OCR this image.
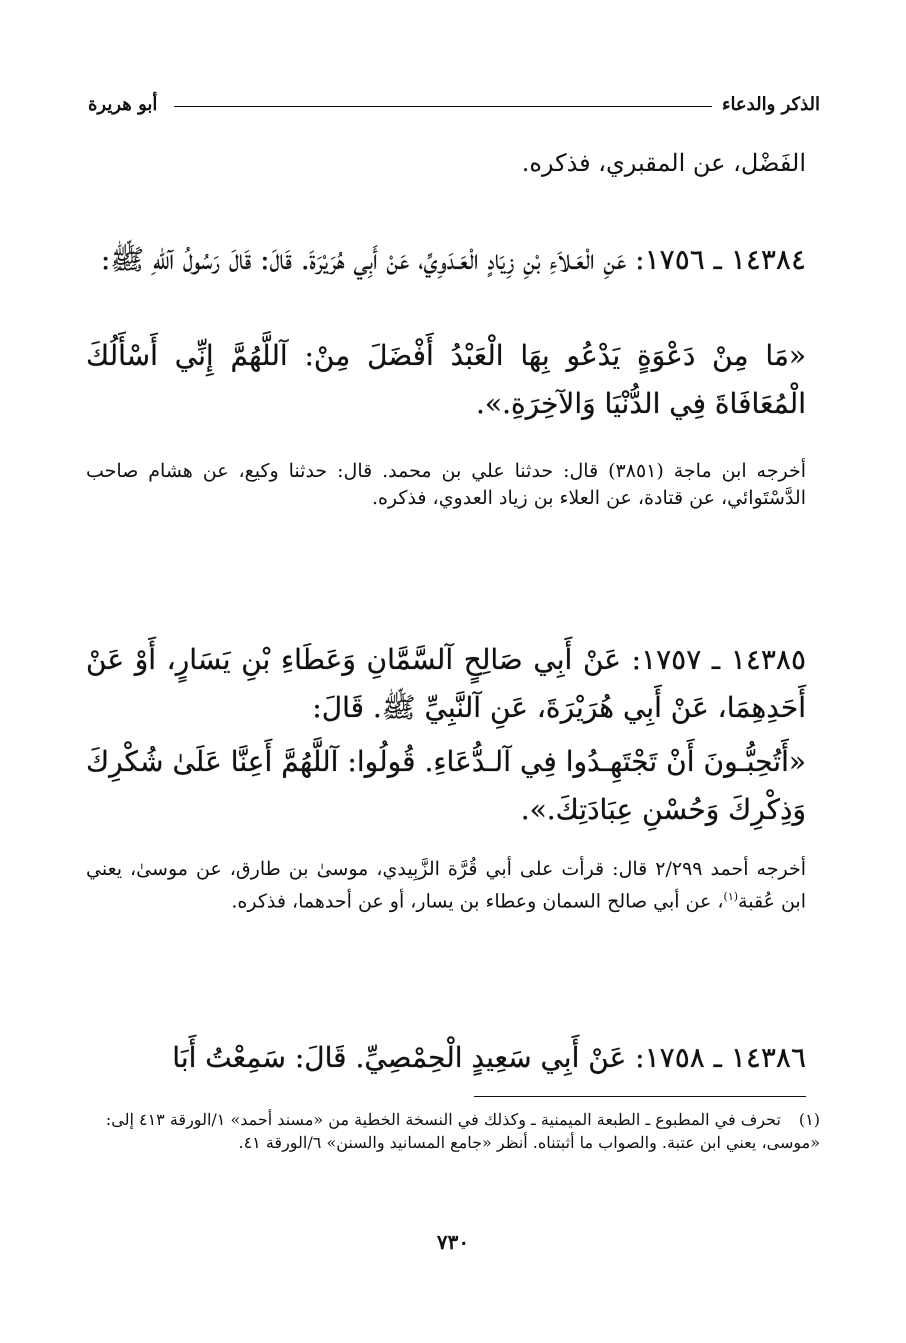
الذكر والدعاء
أبو هريرة
الفَضْل، عن المقبري، فذكره.
١٤٣٨٤ ـ ١٧٥٦: عَنِ الْعَـلاَءِ بْنِ زِيَادٍ الْعَـدَوِيِّ، عَنْ أَبِي هُرَيْرَةَ. قَالَ: قَالَ رَسُولُ آللهِ ﷺ:
«مَا مِنْ دَعْوَةٍ يَدْعُو بِهَا الْعَبْدُ أَفْضَلَ مِنْ: آللَّهُمَّ إِنِّي أَسْأَلُكَ الْمُعَافَاةَ فِي الدُّنْيَا وَالآخِرَةِ.».
أخرجه ابن ماجة (٣٨٥١) قال: حدثنا علي بن محمد. قال: حدثنا وكيع، عن هشام صاحب الدَّسْتَوائي، عن قتادة، عن العلاء بن زياد العدوي، فذكره.
١٤٣٨٥ ـ ١٧٥٧: عَنْ أَبِي صَالِحٍ آلسَّمَّانِ وَعَطَاءِ بْنِ يَسَارٍ، أَوْ عَنْ أَحَدِهِمَا، عَنْ أَبِي هُرَيْرَةَ، عَنِ آلنَّبِيِّ ﷺ. قَالَ:
«أَتُحِبُّـونَ أَنْ تَجْتَهِـدُوا فِي آلـدُّعَاءِ. قُولُوا: آللَّهُمَّ أَعِنَّا عَلَىٰ شُكْرِكَ وَذِكْرِكَ وَحُسْنِ عِبَادَتِكَ.».
أخرجه أحمد ٢/٢٩٩ قال: قرأت على أبي قُرَّة الزَّبِيدي، موسىٰ بن طارق، عن موسىٰ، يعني ابن عُقبة$^{(١)}$، عن أبي صالح السمان وعطاء بن يسار، أو عن أحدهما، فذكره.
١٤٣٨٦ ـ ١٧٥٨: عَنْ أَبِي سَعِيدٍ الْحِمْصِيِّ. قَالَ: سَمِعْتُ أَبَا
(١)تحرف في المطبوع ـ الطبعة الميمنية ـ وكذلك في النسخة الخطية من «مسند أحمد» ١/الورقة ٤١٣ إلى: «موسى، يعني ابن عتبة. والصواب ما أثبتناه. أنظر «جامع المسانيد والسنن» ٦/الورقة ٤١.
٧٣٠
